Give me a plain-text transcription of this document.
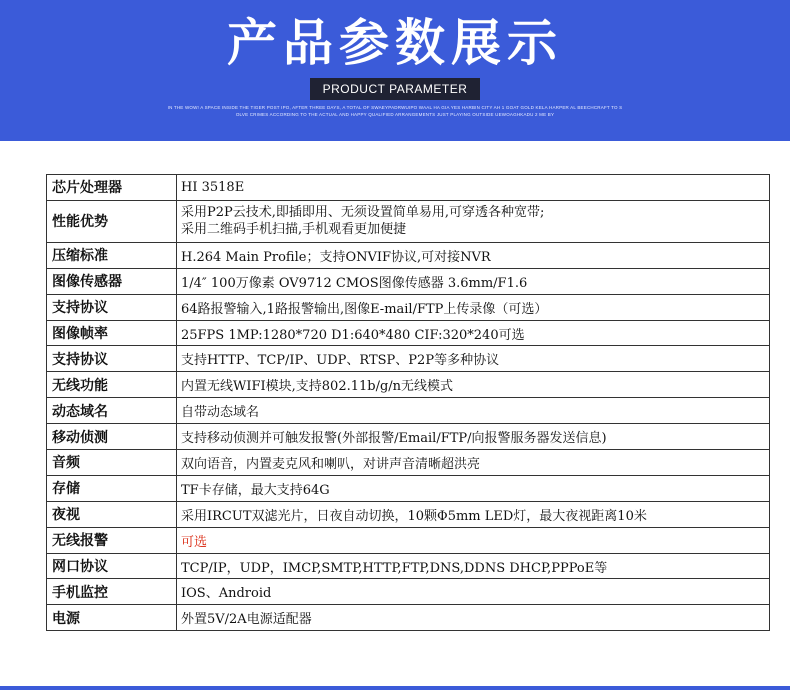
产品参数展示
PRODUCT PARAMETER
IN THE WOW! A SPACE INSIDE THE TIGER POST IPO, AFTER THREE DAYS, A TOTAL OF SWAEYPADRWUIPO WAAL HA GIA YES HARBIN CITY AH 1 GOAT GOLD KELA HARPER AL BEECHCRAFT TO S OLVE CRIMES ACCORDING TO THE ACTUAL AND HAPPY QUALIFIED ARRANGEMENTS JUST PLAYING OUTSIDE UEWOAGHKADU 2 ME BY
芯片处理器	HI 3518E
性能优势	采用P2P云技术,即插即用、无须设置简单易用,可穿透各种宽带;
采用二维码手机扫描,手机观看更加便捷

压缩标准	H.264 Main Profile；支持ONVIF协议,可对接NVR
图像传感器	1/4″ 100万像素 OV9712 CMOS图像传感器 3.6mm/F1.6
支持协议	64路报警输入,1路报警输出,图像E-mail/FTP上传录像（可选）
图像帧率	25FPS 1MP:1280*720 D1:640*480 CIF:320*240可选
支持协议	支持HTTP、TCP/IP、UDP、RTSP、P2P等多种协议
无线功能	内置无线WIFI模块,支持802.11b/g/n无线模式
动态域名	自带动态域名
移动侦测	支持移动侦测并可触发报警(外部报警/Email/FTP/向报警服务器发送信息)
音频	双向语音，内置麦克风和喇叭，对讲声音清晰超洪亮
存储	TF卡存储，最大支持64G
夜视	采用IRCUT双滤光片，日夜自动切换，10颗Φ5mm LED灯，最大夜视距离10米
无线报警	可选
网口协议	TCP/IP，UDP，IMCP,SMTP,HTTP,FTP,DNS,DDNS DHCP,PPPoE等
手机监控	IOS、Android
电源	外置5V/2A电源适配器
